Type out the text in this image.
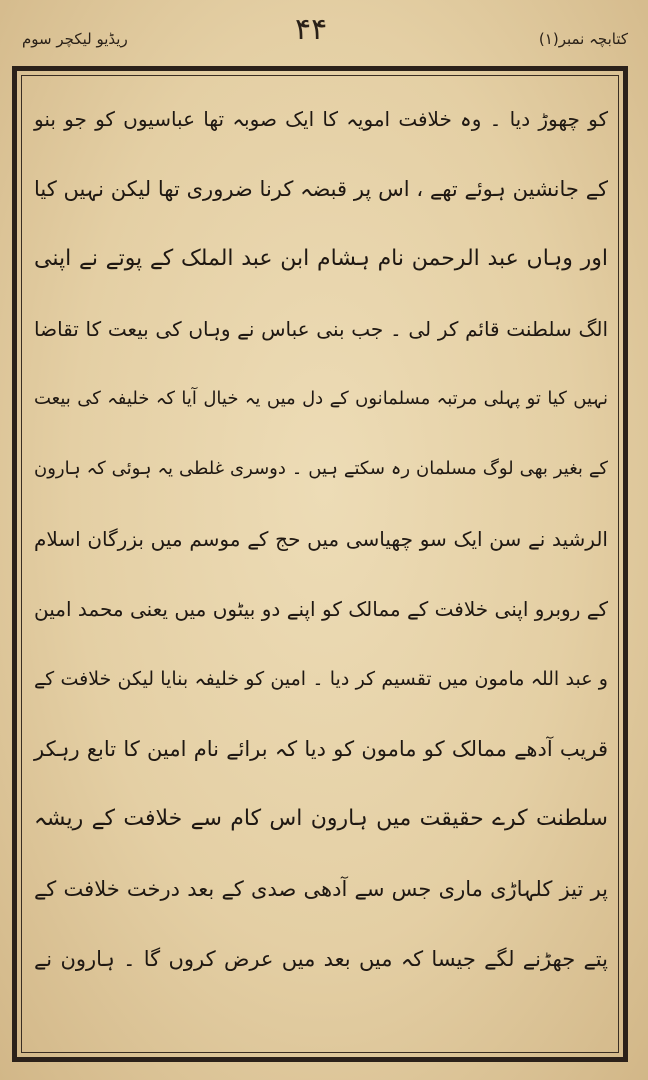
ریڈیو لیکچر سوم	۴۴	کتابچہ نمبر(۱)
کو چھوڑ دیا ۔ وہ خلافت امویہ کا ایک صوبہ تھا عباسیوں کو جو بنو
کے جانشین ہوئے تھے ، اس پر قبضہ کرنا ضروری تھا لیکن نہیں کیا
اور وہاں عبد الرحمن نام ہشام ابن عبد الملک کے پوتے نے اپنی
الگ سلطنت قائم کر لی ۔ جب بنی عباس نے وہاں کی بیعت کا تقاضا
نہیں کیا تو پہلی مرتبہ مسلمانوں کے دل میں یہ خیال آیا کہ خلیفہ کی بیعت
کے بغیر بھی لوگ مسلمان رہ سکتے ہیں ۔ دوسری غلطی یہ ہوئی کہ ہارون
الرشید نے سن ایک سو چھیاسی میں حج کے موسم میں بزرگان اسلام
کے روبرو اپنی خلافت کے ممالک کو اپنے دو بیٹوں میں یعنی محمد امین
و عبد اللہ مامون میں تقسیم کر دیا ۔ امین کو خلیفہ بنایا لیکن خلافت کے
قریب آدھے ممالک کو مامون کو دیا کہ برائے نام امین کا تابع رہکر
سلطنت کرے حقیقت میں ہارون اس کام سے خلافت کے ریشہ
پر تیز کلہاڑی ماری جس سے آدھی صدی کے بعد درخت خلافت کے
پتے جھڑنے لگے جیسا کہ میں بعد میں عرض کروں گا ۔ ہارون نے
